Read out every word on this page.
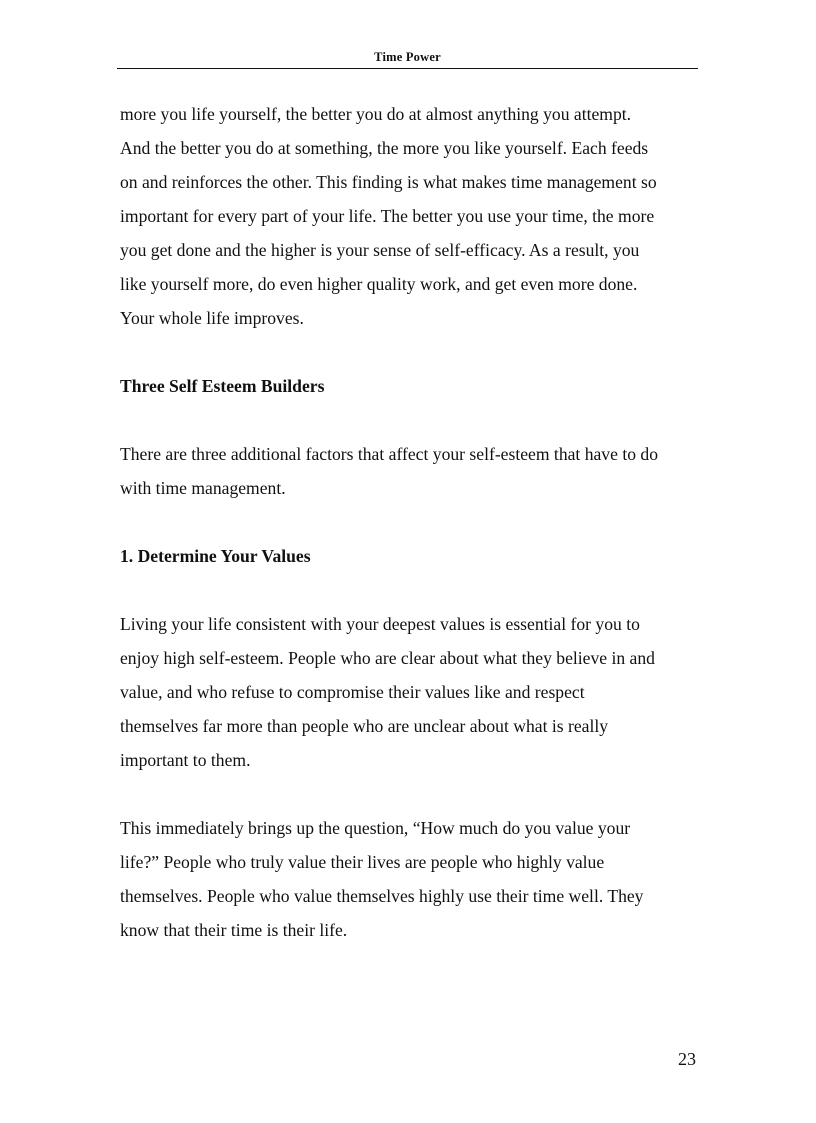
Time Power

more you life yourself, the better you do at almost anything you attempt.
And the better you do at something, the more you like yourself. Each feeds
on and reinforces the other. This finding is what makes time management so
important for every part of your life. The better you use your time, the more
you get done and the higher is your sense of self-efficacy. As a result, you
like yourself more, do even higher quality work, and get even more done.
Your whole life improves.

Three Self Esteem Builders

There are three additional factors that affect your self-esteem that have to do
with time management.

1. Determine Your Values

Living your life consistent with your deepest values is essential for you to
enjoy high self-esteem. People who are clear about what they believe in and
value, and who refuse to compromise their values like and respect
themselves far more than people who are unclear about what is really
important to them.

This immediately brings up the question, “How much do you value your
life?” People who truly value their lives are people who highly value
themselves. People who value themselves highly use their time well. They
know that their time is their life.

23
